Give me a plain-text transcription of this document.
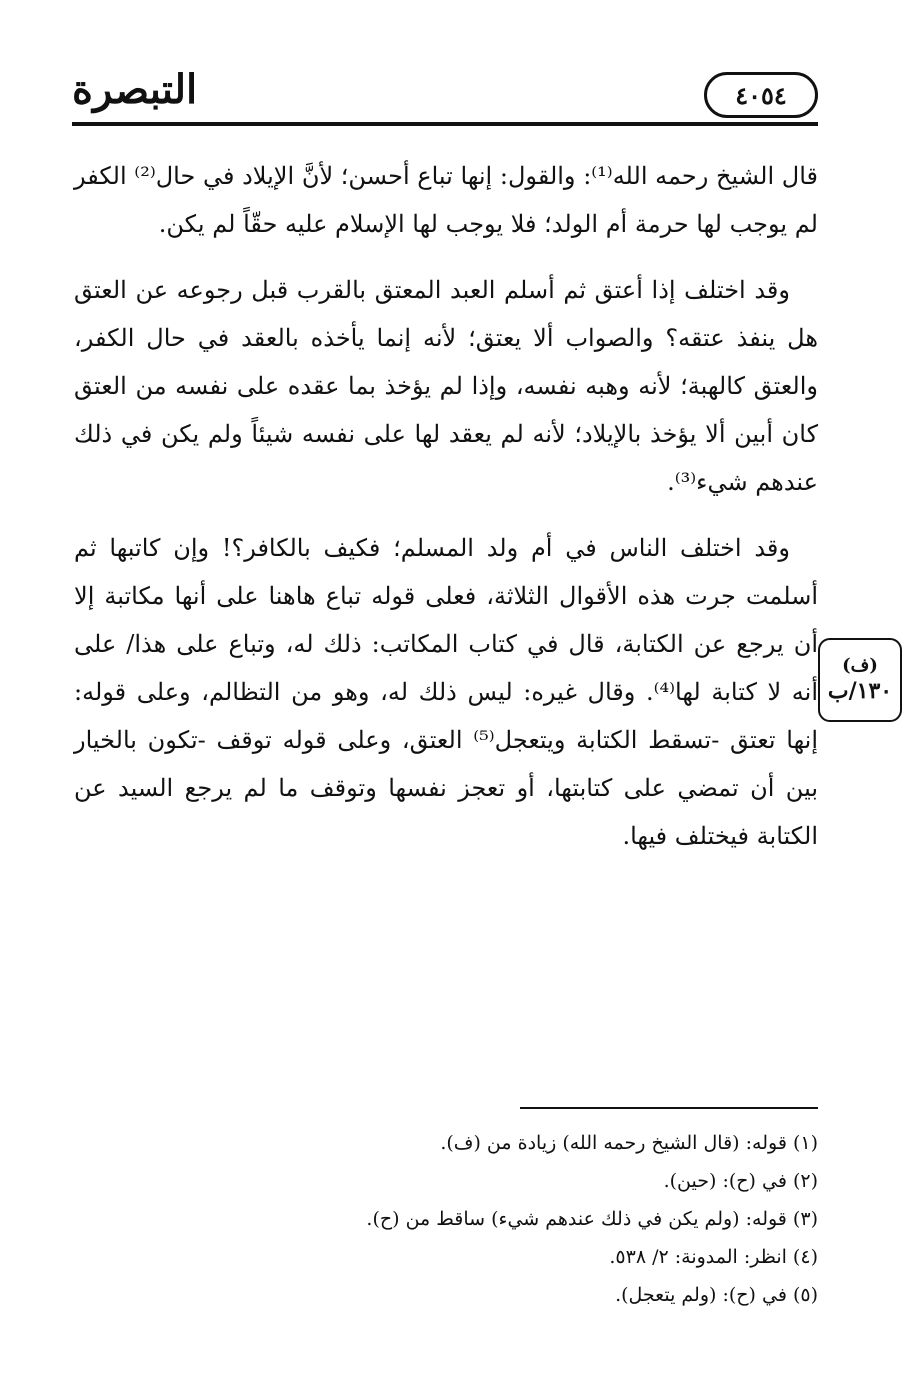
التبصرة	٤٠٥٤

قال الشيخ رحمه الله⁽¹⁾: والقول: إنها تباع أحسن؛ لأنَّ الإيلاد في حال⁽²⁾ الكفر لم يوجب لها حرمة أم الولد؛ فلا يوجب لها الإسلام عليه حقّاً لم يكن.

وقد اختلف إذا أعتق ثم أسلم العبد المعتق بالقرب قبل رجوعه عن العتق هل ينفذ عتقه؟ والصواب ألا يعتق؛ لأنه إنما يأخذه بالعقد في حال الكفر، والعتق كالهبة؛ لأنه وهبه نفسه، وإذا لم يؤخذ بما عقده على نفسه من العتق كان أبين ألا يؤخذ بالإيلاد؛ لأنه لم يعقد لها على نفسه شيئاً ولم يكن في ذلك عندهم شيء⁽³⁾.

وقد اختلف الناس في أم ولد المسلم؛ فكيف بالكافر؟! وإن كاتبها ثم أسلمت جرت هذه الأقوال الثلاثة، فعلى قوله تباع هاهنا على أنها مكاتبة إلا أن يرجع عن الكتابة، قال في كتاب المكاتب: ذلك له، وتباع على هذا/ على أنه لا كتابة لها⁽⁴⁾. وقال غيره: ليس ذلك له، وهو من التظالم، وعلى قوله: إنها تعتق -تسقط الكتابة ويتعجل⁽⁵⁾ العتق، وعلى قوله توقف -تكون بالخيار بين أن تمضي على كتابتها، أو تعجز نفسها وتوقف ما لم يرجع السيد عن الكتابة فيختلف فيها.

(ف)
١٣٠/ب

(١) قوله: (قال الشيخ رحمه الله) زيادة من (ف).

(٢) في (ح): (حين).

(٣) قوله: (ولم يكن في ذلك عندهم شيء) ساقط من (ح).

(٤) انظر: المدونة: ٢/ ٥٣٨.

(٥) في (ح): (ولم يتعجل).
